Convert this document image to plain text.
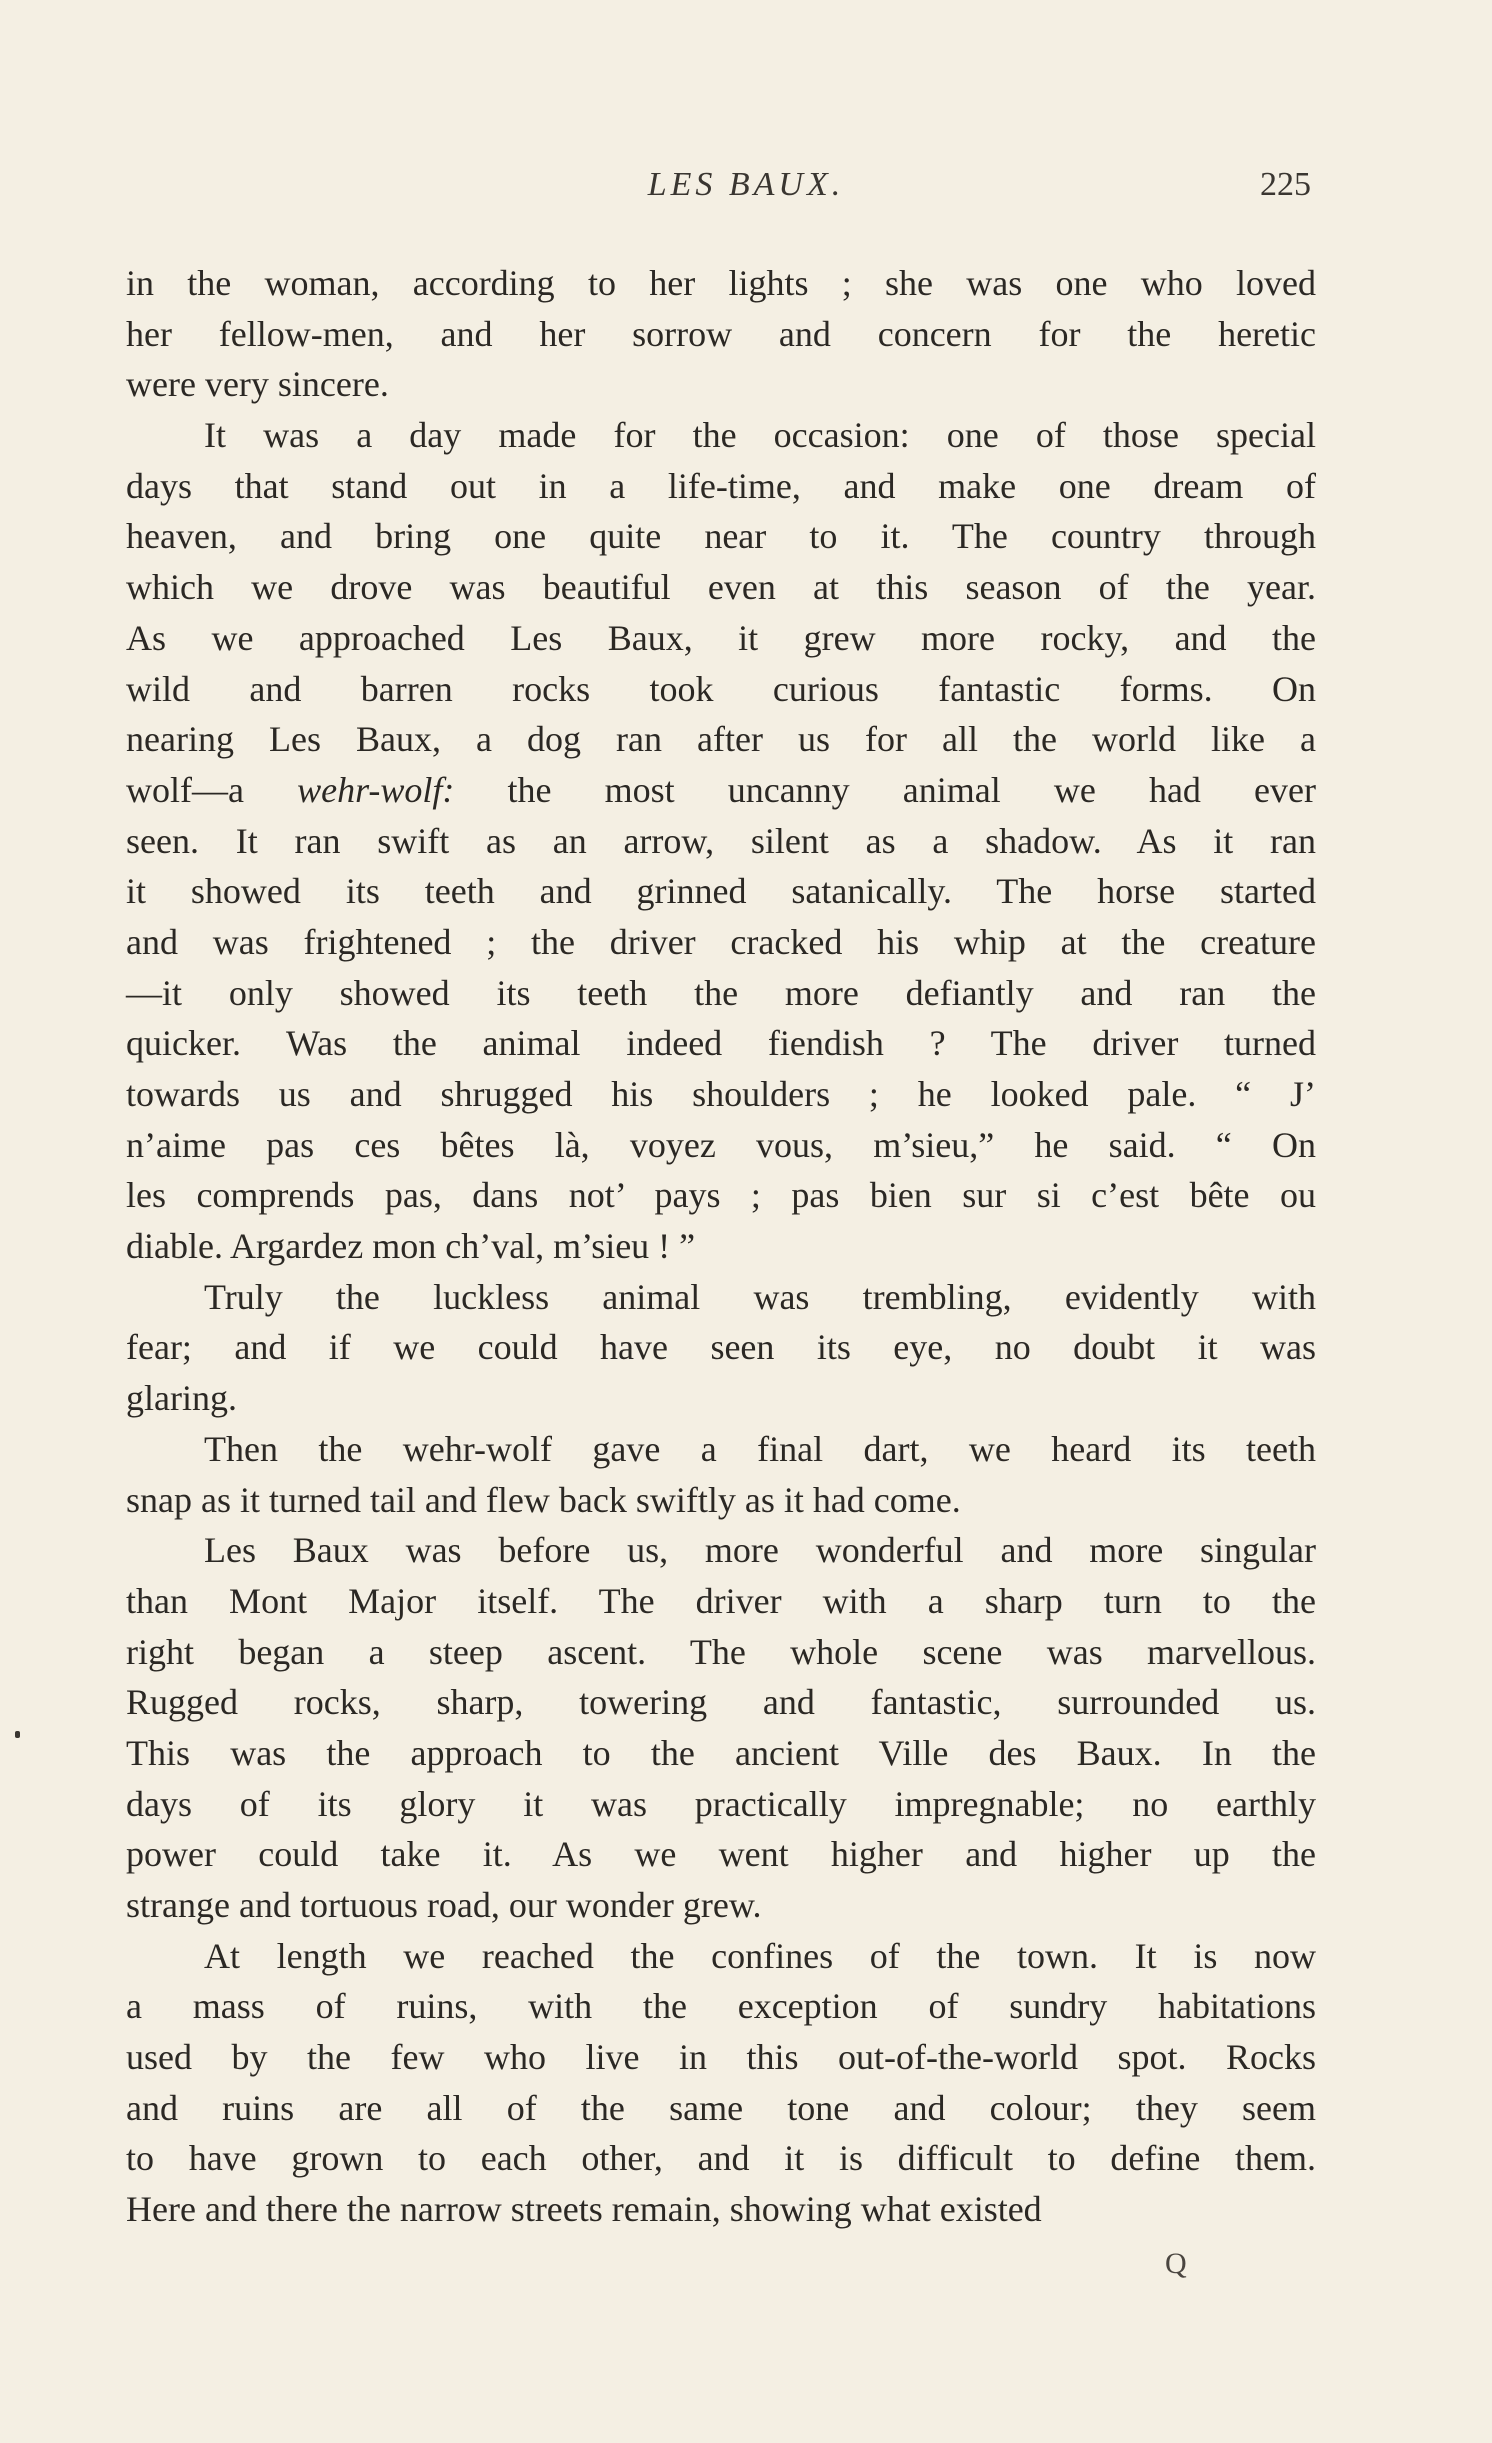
LES BAUX.	225
in the woman, according to her lights ; she was one who loved
her fellow-men, and her sorrow and concern for the heretic
were very sincere.
It was a day made for the occasion: one of those special
days that stand out in a life-time, and make one dream of
heaven, and bring one quite near to it. The country through
which we drove was beautiful even at this season of the year.
As we approached Les Baux, it grew more rocky, and the
wild and barren rocks took curious fantastic forms. On
nearing Les Baux, a dog ran after us for all the world like a
wolf—a wehr-wolf: the most uncanny animal we had ever
seen. It ran swift as an arrow, silent as a shadow. As it ran
it showed its teeth and grinned satanically. The horse started
and was frightened ; the driver cracked his whip at the creature
—it only showed its teeth the more defiantly and ran the
quicker. Was the animal indeed fiendish ? The driver turned
towards us and shrugged his shoulders ; he looked pale. “ J’
n’aime pas ces bêtes là, voyez vous, m’sieu,” he said. “ On
les comprends pas, dans not’ pays ; pas bien sur si c’est bête ou
diable. Argardez mon ch’val, m’sieu ! ”
Truly the luckless animal was trembling, evidently with
fear; and if we could have seen its eye, no doubt it was
glaring.
Then the wehr-wolf gave a final dart, we heard its teeth
snap as it turned tail and flew back swiftly as it had come.
Les Baux was before us, more wonderful and more singular
than Mont Major itself. The driver with a sharp turn to the
right began a steep ascent. The whole scene was marvellous.
Rugged rocks, sharp, towering and fantastic, surrounded us.
This was the approach to the ancient Ville des Baux. In the
days of its glory it was practically impregnable; no earthly
power could take it. As we went higher and higher up the
strange and tortuous road, our wonder grew.
At length we reached the confines of the town. It is now
a mass of ruins, with the exception of sundry habitations
used by the few who live in this out-of-the-world spot. Rocks
and ruins are all of the same tone and colour; they seem
to have grown to each other, and it is difficult to define them.
Here and there the narrow streets remain, showing what existed
Q
